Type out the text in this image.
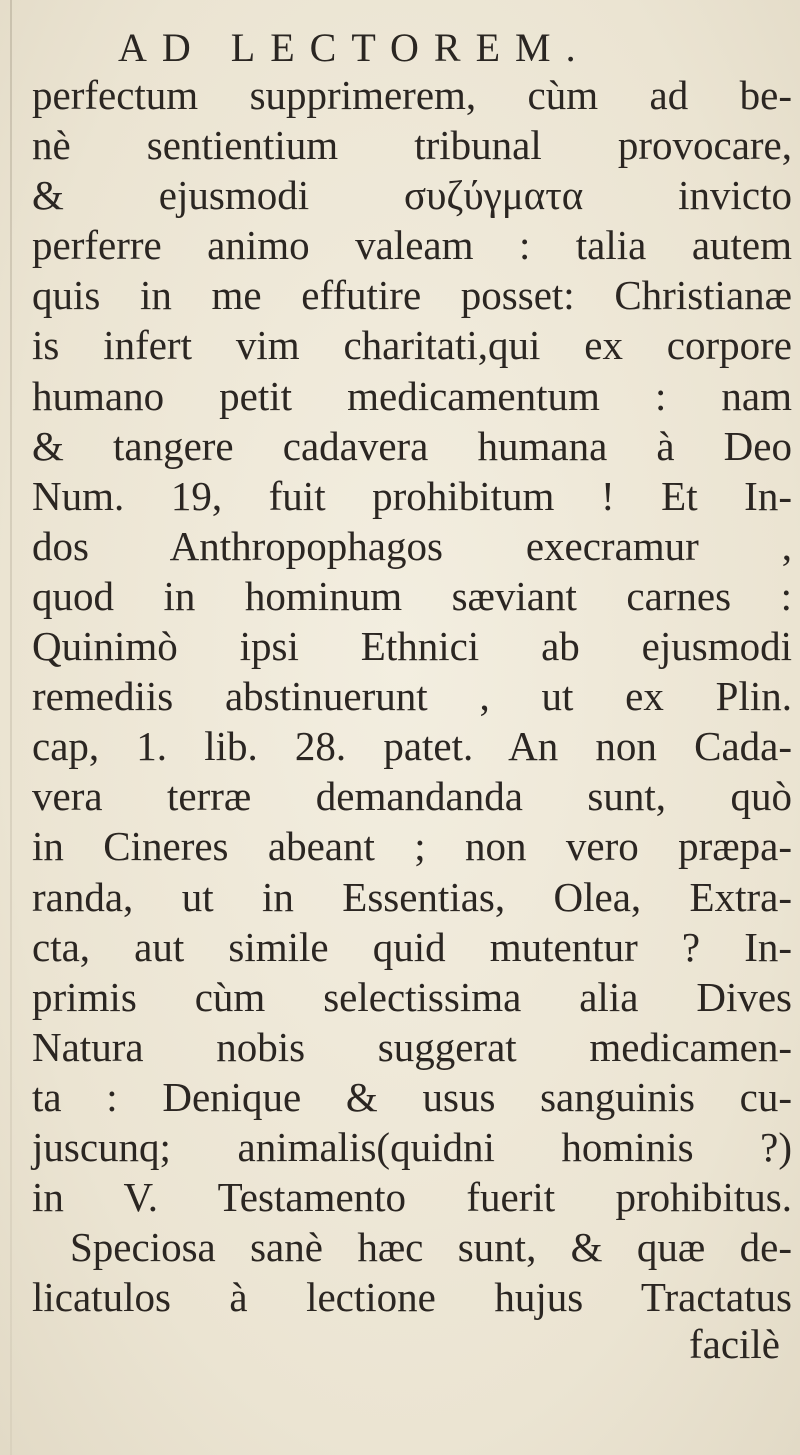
AD LECTOREM.
perfectum supprimerem, cùm ad be-
nè sentientium tribunal provocare,
& ejusmodi συζύγματα invicto
perferre animo valeam : talia autem
quis in me effutire posset: Christianæ
is infert vim charitati,qui ex corpore
humano petit medicamentum : nam
& tangere cadavera humana à Deo
Num. 19, fuit prohibitum ! Et In-
dos Anthropophagos execramur ,
quod in hominum sæviant carnes :
Quinimò ipsi Ethnici ab ejusmodi
remediis abstinuerunt , ut ex Plin.
cap, 1. lib. 28. patet. An non Cada-
vera terræ demandanda sunt, quò
in Cineres abeant ; non vero præpa-
randa, ut in Essentias, Olea, Extra-
cta, aut simile quid mutentur ? In-
primis cùm selectissima alia Dives
Natura nobis suggerat medicamen-
ta : Denique & usus sanguinis cu-
juscunq; animalis(quidni hominis ?)
in V. Testamento fuerit prohibitus.
Speciosa sanè hæc sunt, & quæ de-
licatulos à lectione hujus Tractatus
facilè
